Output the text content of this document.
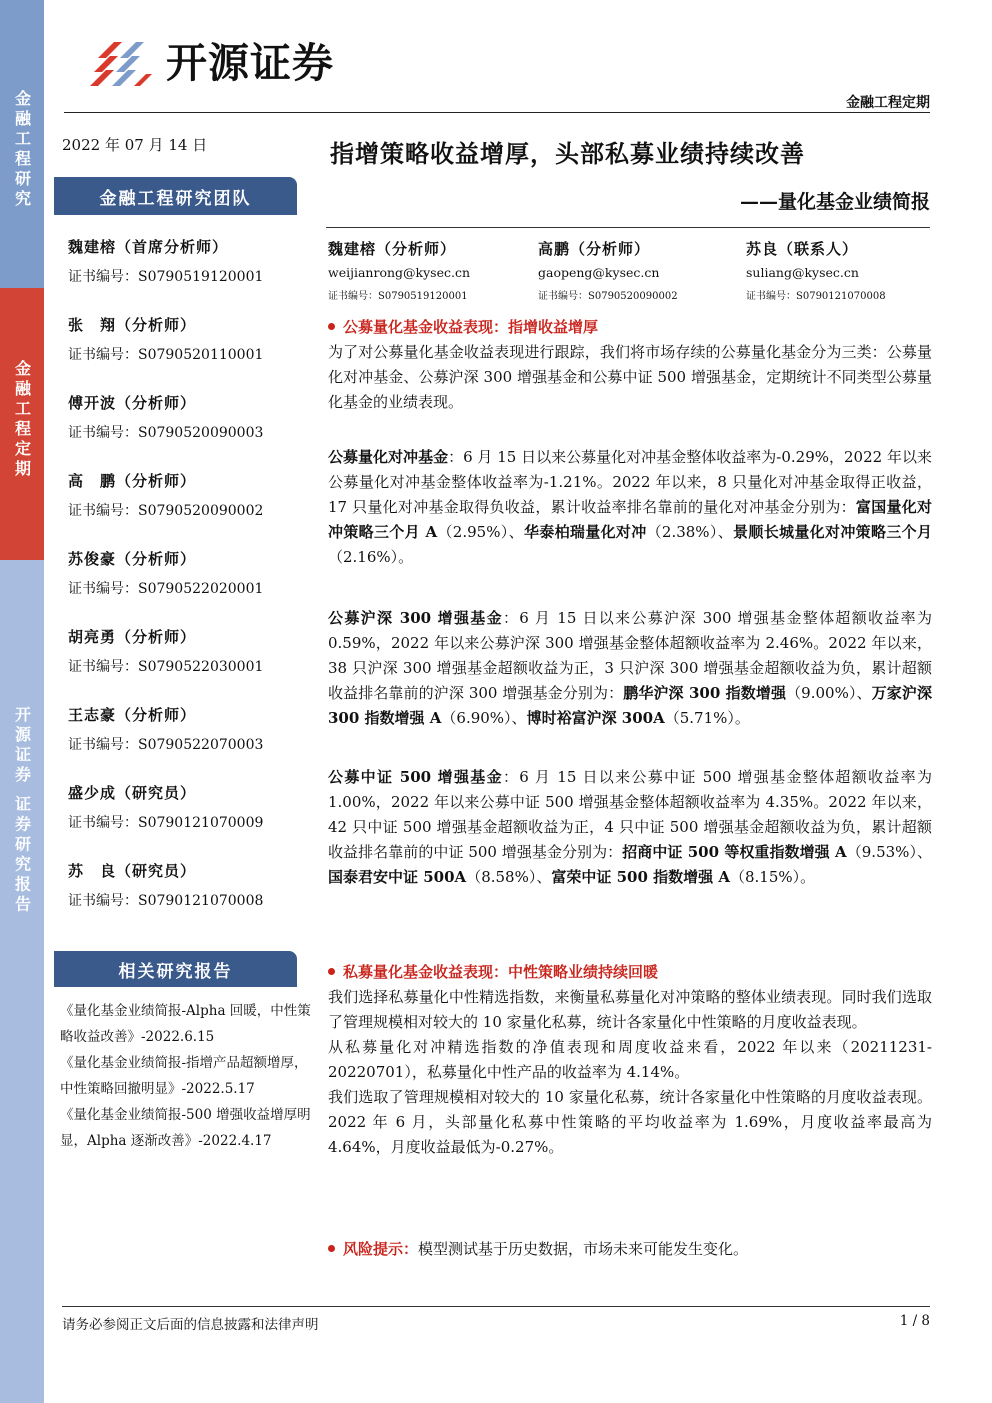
金融工程研究
金融工程定期
开源证券 证券研究报告
开源证券
金融工程定期
2022 年 07 月 14 日
金融工程研究团队
魏建榕（首席分析师）
证书编号：S0790519120001
张　翔（分析师）
证书编号：S0790520110001
傅开波（分析师）
证书编号：S0790520090003
高　鹏（分析师）
证书编号：S0790520090002
苏俊豪（分析师）
证书编号：S0790522020001
胡亮勇（分析师）
证书编号：S0790522030001
王志豪（分析师）
证书编号：S0790522070003
盛少成（研究员）
证书编号：S0790121070009
苏　良（研究员）
证书编号：S0790121070008
相关研究报告
《量化基金业绩简报-Alpha 回暖，中性策略收益改善》-2022.6.15
《量化基金业绩简报-指增产品超额增厚，中性策略回撤明显》-2022.5.17
《量化基金业绩简报-500 增强收益增厚明显，Alpha 逐渐改善》-2022.4.17
指增策略收益增厚，头部私募业绩持续改善
——量化基金业绩简报
魏建榕（分析师）
weijianrong@kysec.cn
证书编号：S0790519120001
高鹏（分析师）
gaopeng@kysec.cn
证书编号：S0790520090002
苏良（联系人）
suliang@kysec.cn
证书编号：S0790121070008

公募量化基金收益表现：指增收益增厚

为了对公募量化基金收益表现进行跟踪，我们将市场存续的公募量化基金分为三类：公募量化对冲基金、公募沪深 300 增强基金和公募中证 500 增强基金，定期统计不同类型公募量化基金的业绩表现。

公募量化对冲基金：6 月 15 日以来公募量化对冲基金整体收益率为-0.29%，2022 年以来公募量化对冲基金整体收益率为-1.21%。2022 年以来，8 只量化对冲基金取得正收益，17 只量化对冲基金取得负收益，累计收益率排名靠前的量化对冲基金分别为：富国量化对冲策略三个月 A（2.95%）、华泰柏瑞量化对冲（2.38%）、景顺长城量化对冲策略三个月（2.16%）。

公募沪深 300 增强基金：6 月 15 日以来公募沪深 300 增强基金整体超额收益率为 0.59%，2022 年以来公募沪深 300 增强基金整体超额收益率为 2.46%。2022 年以来，38 只沪深 300 增强基金超额收益为正，3 只沪深 300 增强基金超额收益为负，累计超额收益排名靠前的沪深 300 增强基金分别为：鹏华沪深 300 指数增强（9.00%）、万家沪深 300 指数增强 A（6.90%）、博时裕富沪深 300A（5.71%）。

公募中证 500 增强基金：6 月 15 日以来公募中证 500 增强基金整体超额收益率为 1.00%，2022 年以来公募中证 500 增强基金整体超额收益率为 4.35%。2022 年以来，42 只中证 500 增强基金超额收益为正，4 只中证 500 增强基金超额收益为负，累计超额收益排名靠前的中证 500 增强基金分别为：招商中证 500 等权重指数增强 A（9.53%）、国泰君安中证 500A（8.58%）、富荣中证 500 指数增强 A（8.15%）。

私募量化基金收益表现：中性策略业绩持续回暖

我们选择私募量化中性精选指数，来衡量私募量化对冲策略的整体业绩表现。同时我们选取了管理规模相对较大的 10 家量化私募，统计各家量化中性策略的月度收益表现。

从私募量化对冲精选指数的净值表现和周度收益来看，2022 年以来（20211231-20220701），私募量化中性产品的收益率为 4.14%。

我们选取了管理规模相对较大的 10 家量化私募，统计各家量化中性策略的月度收益表现。2022 年 6 月，头部量化私募中性策略的平均收益率为 1.69%，月度收益率最高为 4.64%，月度收益最低为-0.27%。

风险提示：模型测试基于历史数据，市场未来可能发生变化。

请务必参阅正文后面的信息披露和法律声明	1 / 8
